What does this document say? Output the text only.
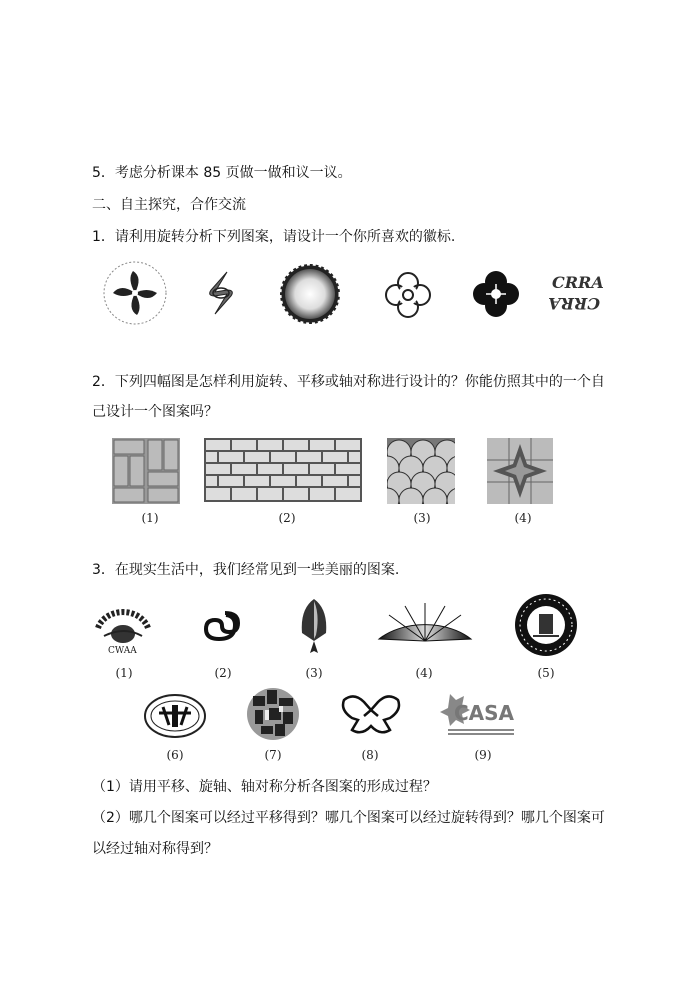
5．考虑分析课本 85 页做一做和议一议。
二、自主探究，合作交流
1．请利用旋转分析下列图案，请设计一个你所喜欢的徽标.
CRRA
CRRA
2．下列四幅图是怎样利用旋转、平移或轴对称进行设计的？你能仿照其中的一个自
己设计一个图案吗？
(1)	(2)	(3)	(4)
3．在现实生活中，我们经常见到一些美丽的图案.
CWAA
(1)	(2)	(3)	(4)	(5)
CASA
(6)	(7)	(8)	(9)
（1）请用平移、旋轴、轴对称分析各图案的形成过程？
（2）哪几个图案可以经过平移得到？哪几个图案可以经过旋转得到？哪几个图案可
以经过轴对称得到？
